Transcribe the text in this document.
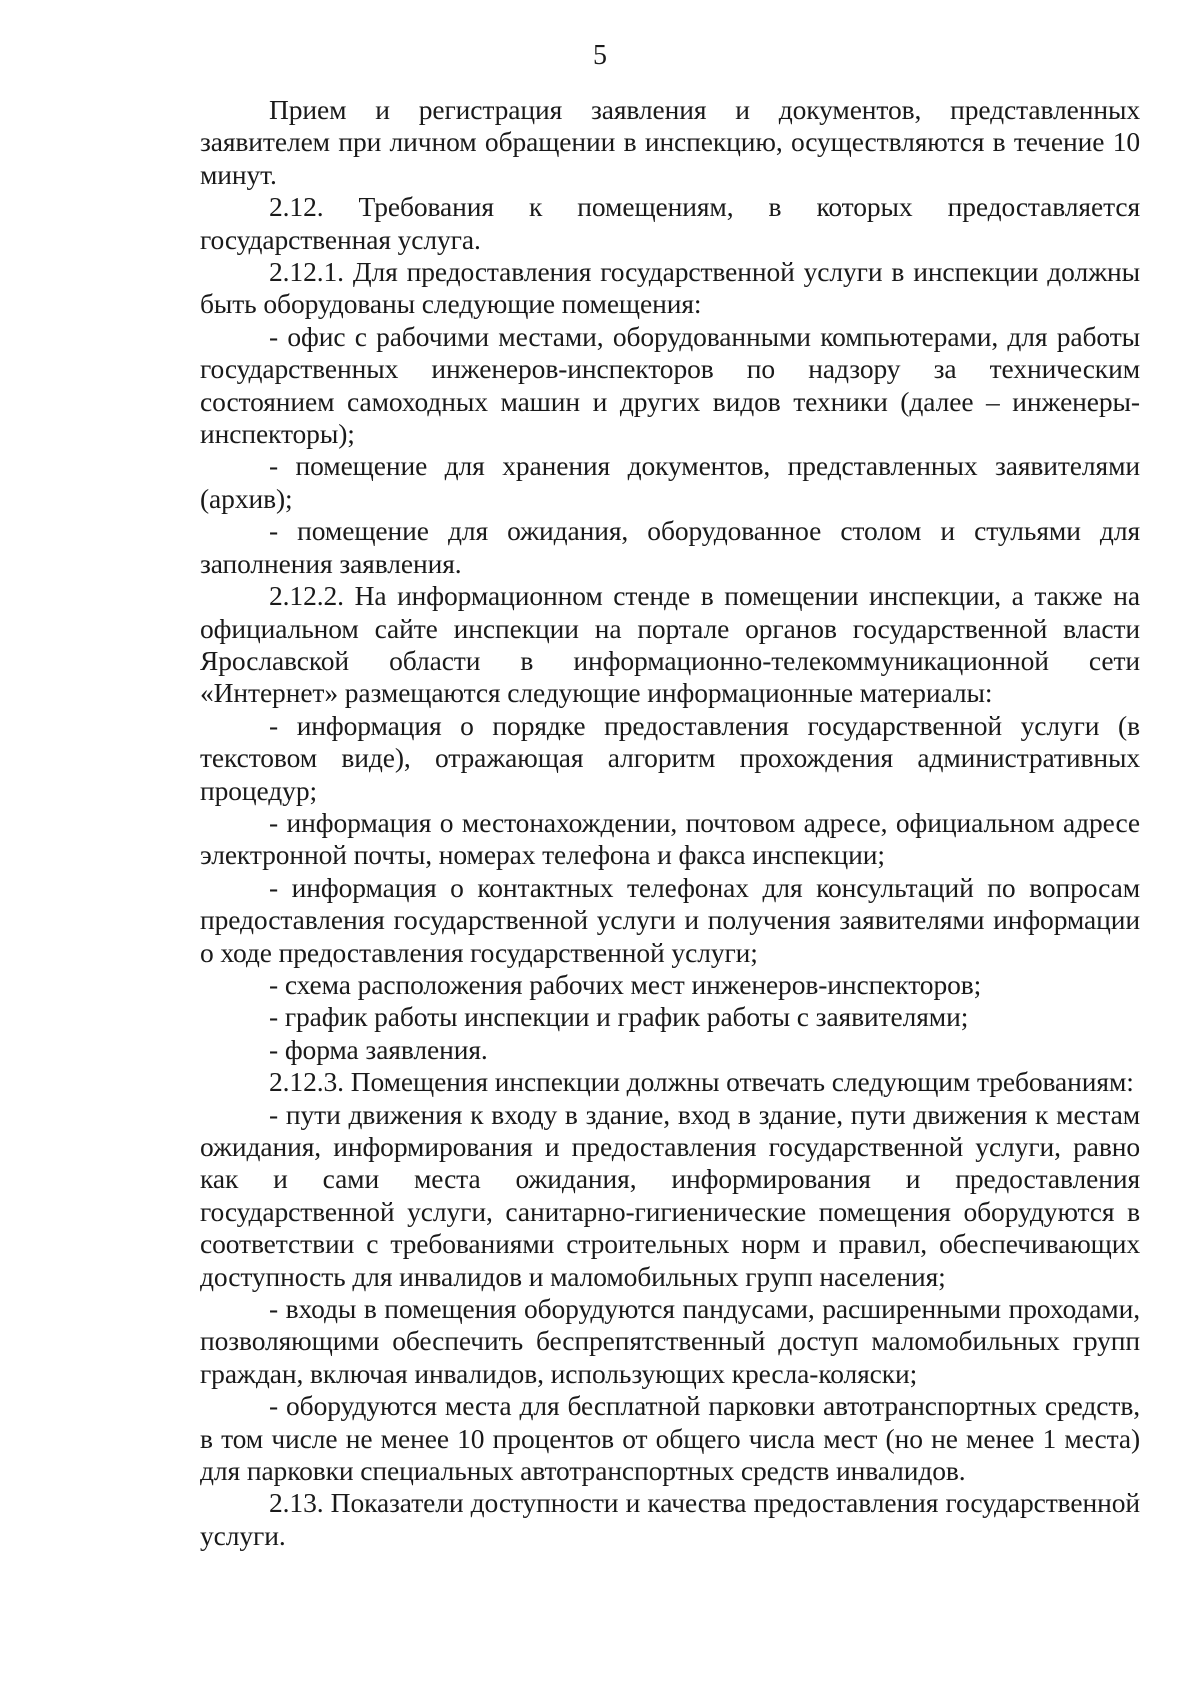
5

Прием и регистрация заявления и документов, представленных заявителем при личном обращении в инспекцию, осуществляются в течение 10 минут.

2.12. Требования к помещениям, в которых предоставляется государственная услуга.

2.12.1. Для предоставления государственной услуги в инспекции должны быть оборудованы следующие помещения:

- офис с рабочими местами, оборудованными компьютерами, для работы государственных инженеров-инспекторов по надзору за техническим состоянием самоходных машин и других видов техники (далее – инженеры-инспекторы);

- помещение для хранения документов, представленных заявителями (архив);

- помещение для ожидания, оборудованное столом и стульями для заполнения заявления.

2.12.2. На информационном стенде в помещении инспекции, а также на официальном сайте инспекции на портале органов государственной власти Ярославской области в информационно-телекоммуникационной сети «Интернет» размещаются следующие информационные материалы:

- информация о порядке предоставления государственной услуги (в текстовом виде), отражающая алгоритм прохождения административных процедур;

- информация о местонахождении, почтовом адресе, официальном адресе электронной почты, номерах телефона и факса инспекции;

- информация о контактных телефонах для консультаций по вопросам предоставления государственной услуги и получения заявителями информации о ходе предоставления государственной услуги;

- схема расположения рабочих мест инженеров-инспекторов;

- график работы инспекции и график работы с заявителями;

- форма заявления.

2.12.3. Помещения инспекции должны отвечать следующим требованиям:

- пути движения к входу в здание, вход в здание, пути движения к местам ожидания, информирования и предоставления государственной услуги, равно как и сами места ожидания, информирования и предоставления государственной услуги, санитарно-гигиенические помещения оборудуются в соответствии с требованиями строительных норм и правил, обеспечивающих доступность для инвалидов и маломобильных групп населения;

- входы в помещения оборудуются пандусами, расширенными проходами, позволяющими обеспечить беспрепятственный доступ маломобильных групп граждан, включая инвалидов, использующих кресла-коляски;

- оборудуются места для бесплатной парковки автотранспортных средств, в том числе не менее 10 процентов от общего числа мест (но не менее 1 места) для парковки специальных автотранспортных средств инвалидов.

2.13. Показатели доступности и качества предоставления государственной услуги.
